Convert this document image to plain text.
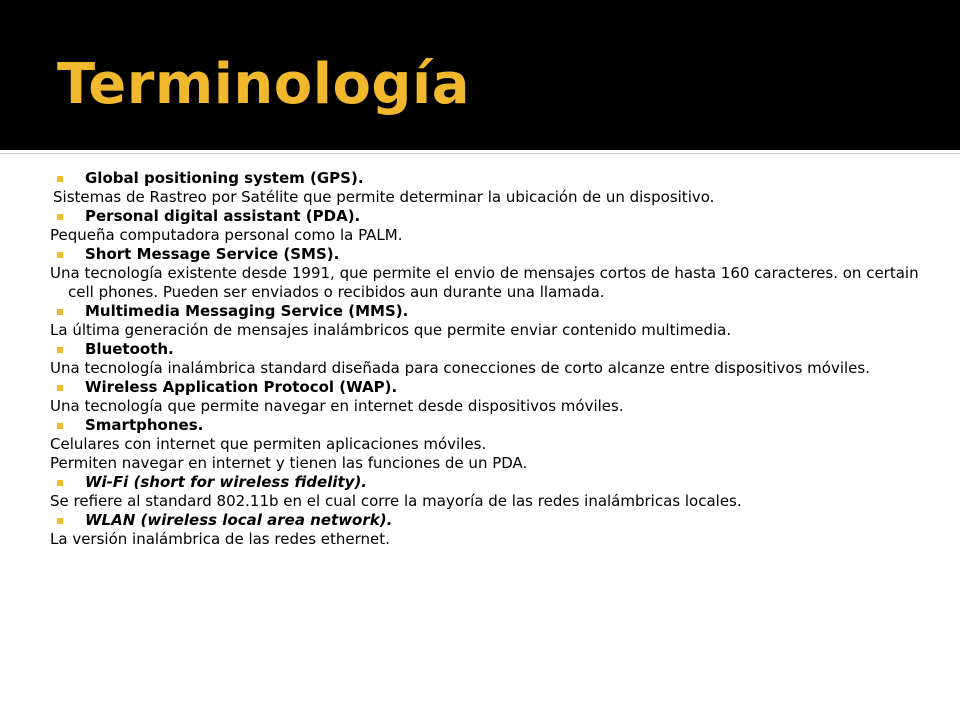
Terminología
Global positioning system (GPS).
Sistemas de Rastreo por Satélite que permite determinar la ubicación de un dispositivo.
Personal digital assistant (PDA).
Pequeña computadora personal como la PALM.
Short Message Service (SMS).
Una tecnología existente desde 1991, que permite el envio de mensajes cortos de hasta 160 caracteres. on certain cell phones. Pueden ser enviados o recibidos aun durante una llamada.
Multimedia Messaging Service (MMS).
La última generación de mensajes inalámbricos que permite enviar contenido multimedia.
Bluetooth.
Una tecnología inalámbrica standard diseñada para conecciones de corto alcanze entre dispositivos móviles.
Wireless Application Protocol (WAP).
Una tecnología que permite navegar en internet desde dispositivos móviles.
Smartphones.
Celulares con internet que permiten aplicaciones móviles.
Permiten navegar en internet y tienen las funciones de un PDA.
Wi-Fi (short for wireless fidelity).
Se refiere al standard 802.11b en el cual corre la mayoría de las redes inalámbricas locales.
WLAN (wireless local area network).
La versión inalámbrica de las redes ethernet.
